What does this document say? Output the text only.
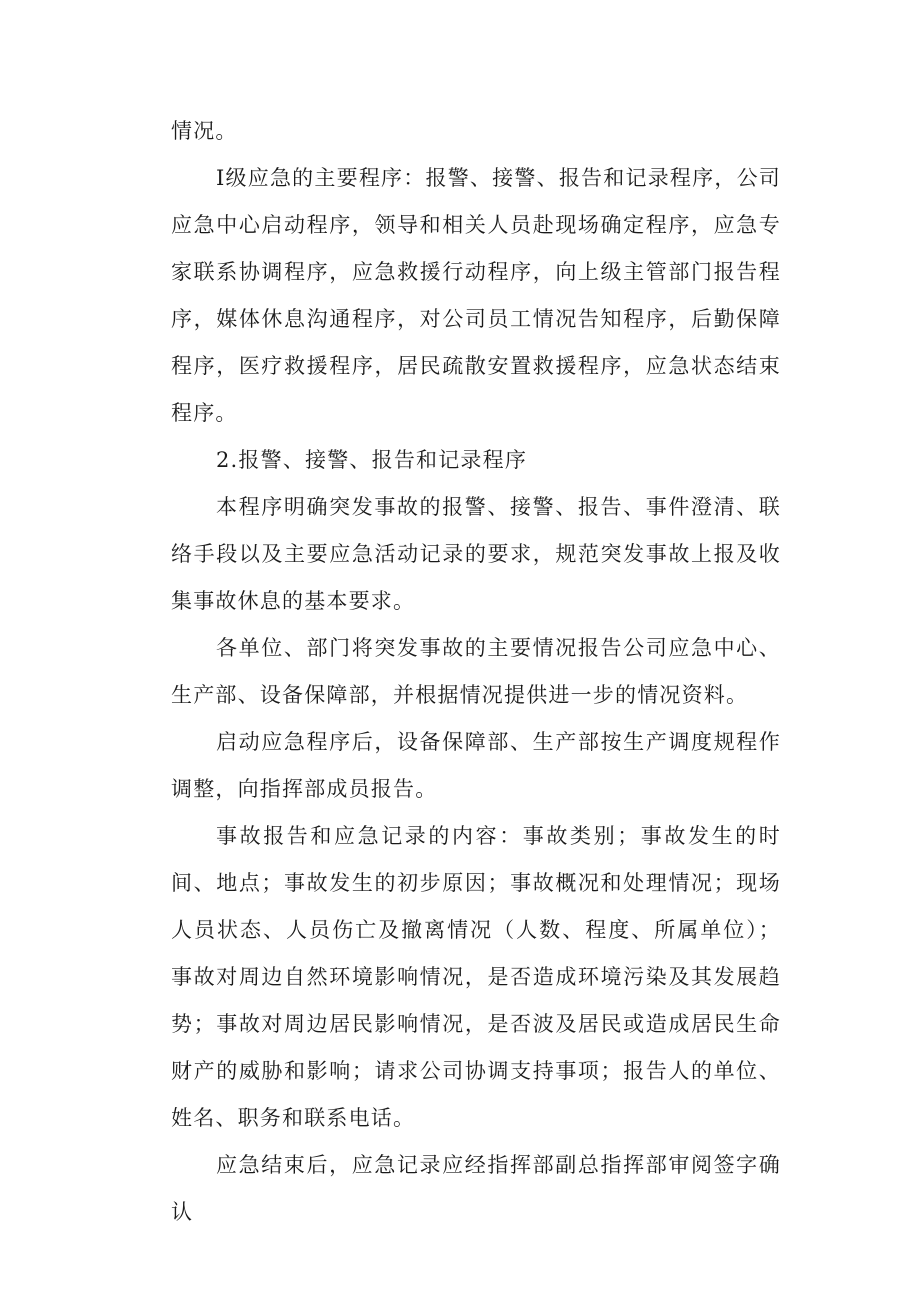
情况。

Ⅰ级应急的主要程序：报警、接警、报告和记录程序，公司应急中心启动程序，领导和相关人员赴现场确定程序，应急专家联系协调程序，应急救援行动程序，向上级主管部门报告程序，媒体休息沟通程序，对公司员工情况告知程序，后勤保障程序，医疗救援程序，居民疏散安置救援程序，应急状态结束程序。

2.报警、接警、报告和记录程序

本程序明确突发事故的报警、接警、报告、事件澄清、联络手段以及主要应急活动记录的要求，规范突发事故上报及收集事故休息的基本要求。

各单位、部门将突发事故的主要情况报告公司应急中心、生产部、设备保障部，并根据情况提供进一步的情况资料。

启动应急程序后，设备保障部、生产部按生产调度规程作调整，向指挥部成员报告。

事故报告和应急记录的内容：事故类别；事故发生的时间、地点；事故发生的初步原因；事故概况和处理情况；现场人员状态、人员伤亡及撤离情况（人数、程度、所属单位）；事故对周边自然环境影响情况，是否造成环境污染及其发展趋势；事故对周边居民影响情况，是否波及居民或造成居民生命财产的威胁和影响；请求公司协调支持事项；报告人的单位、姓名、职务和联系电话。

应急结束后，应急记录应经指挥部副总指挥部审阅签字确认
